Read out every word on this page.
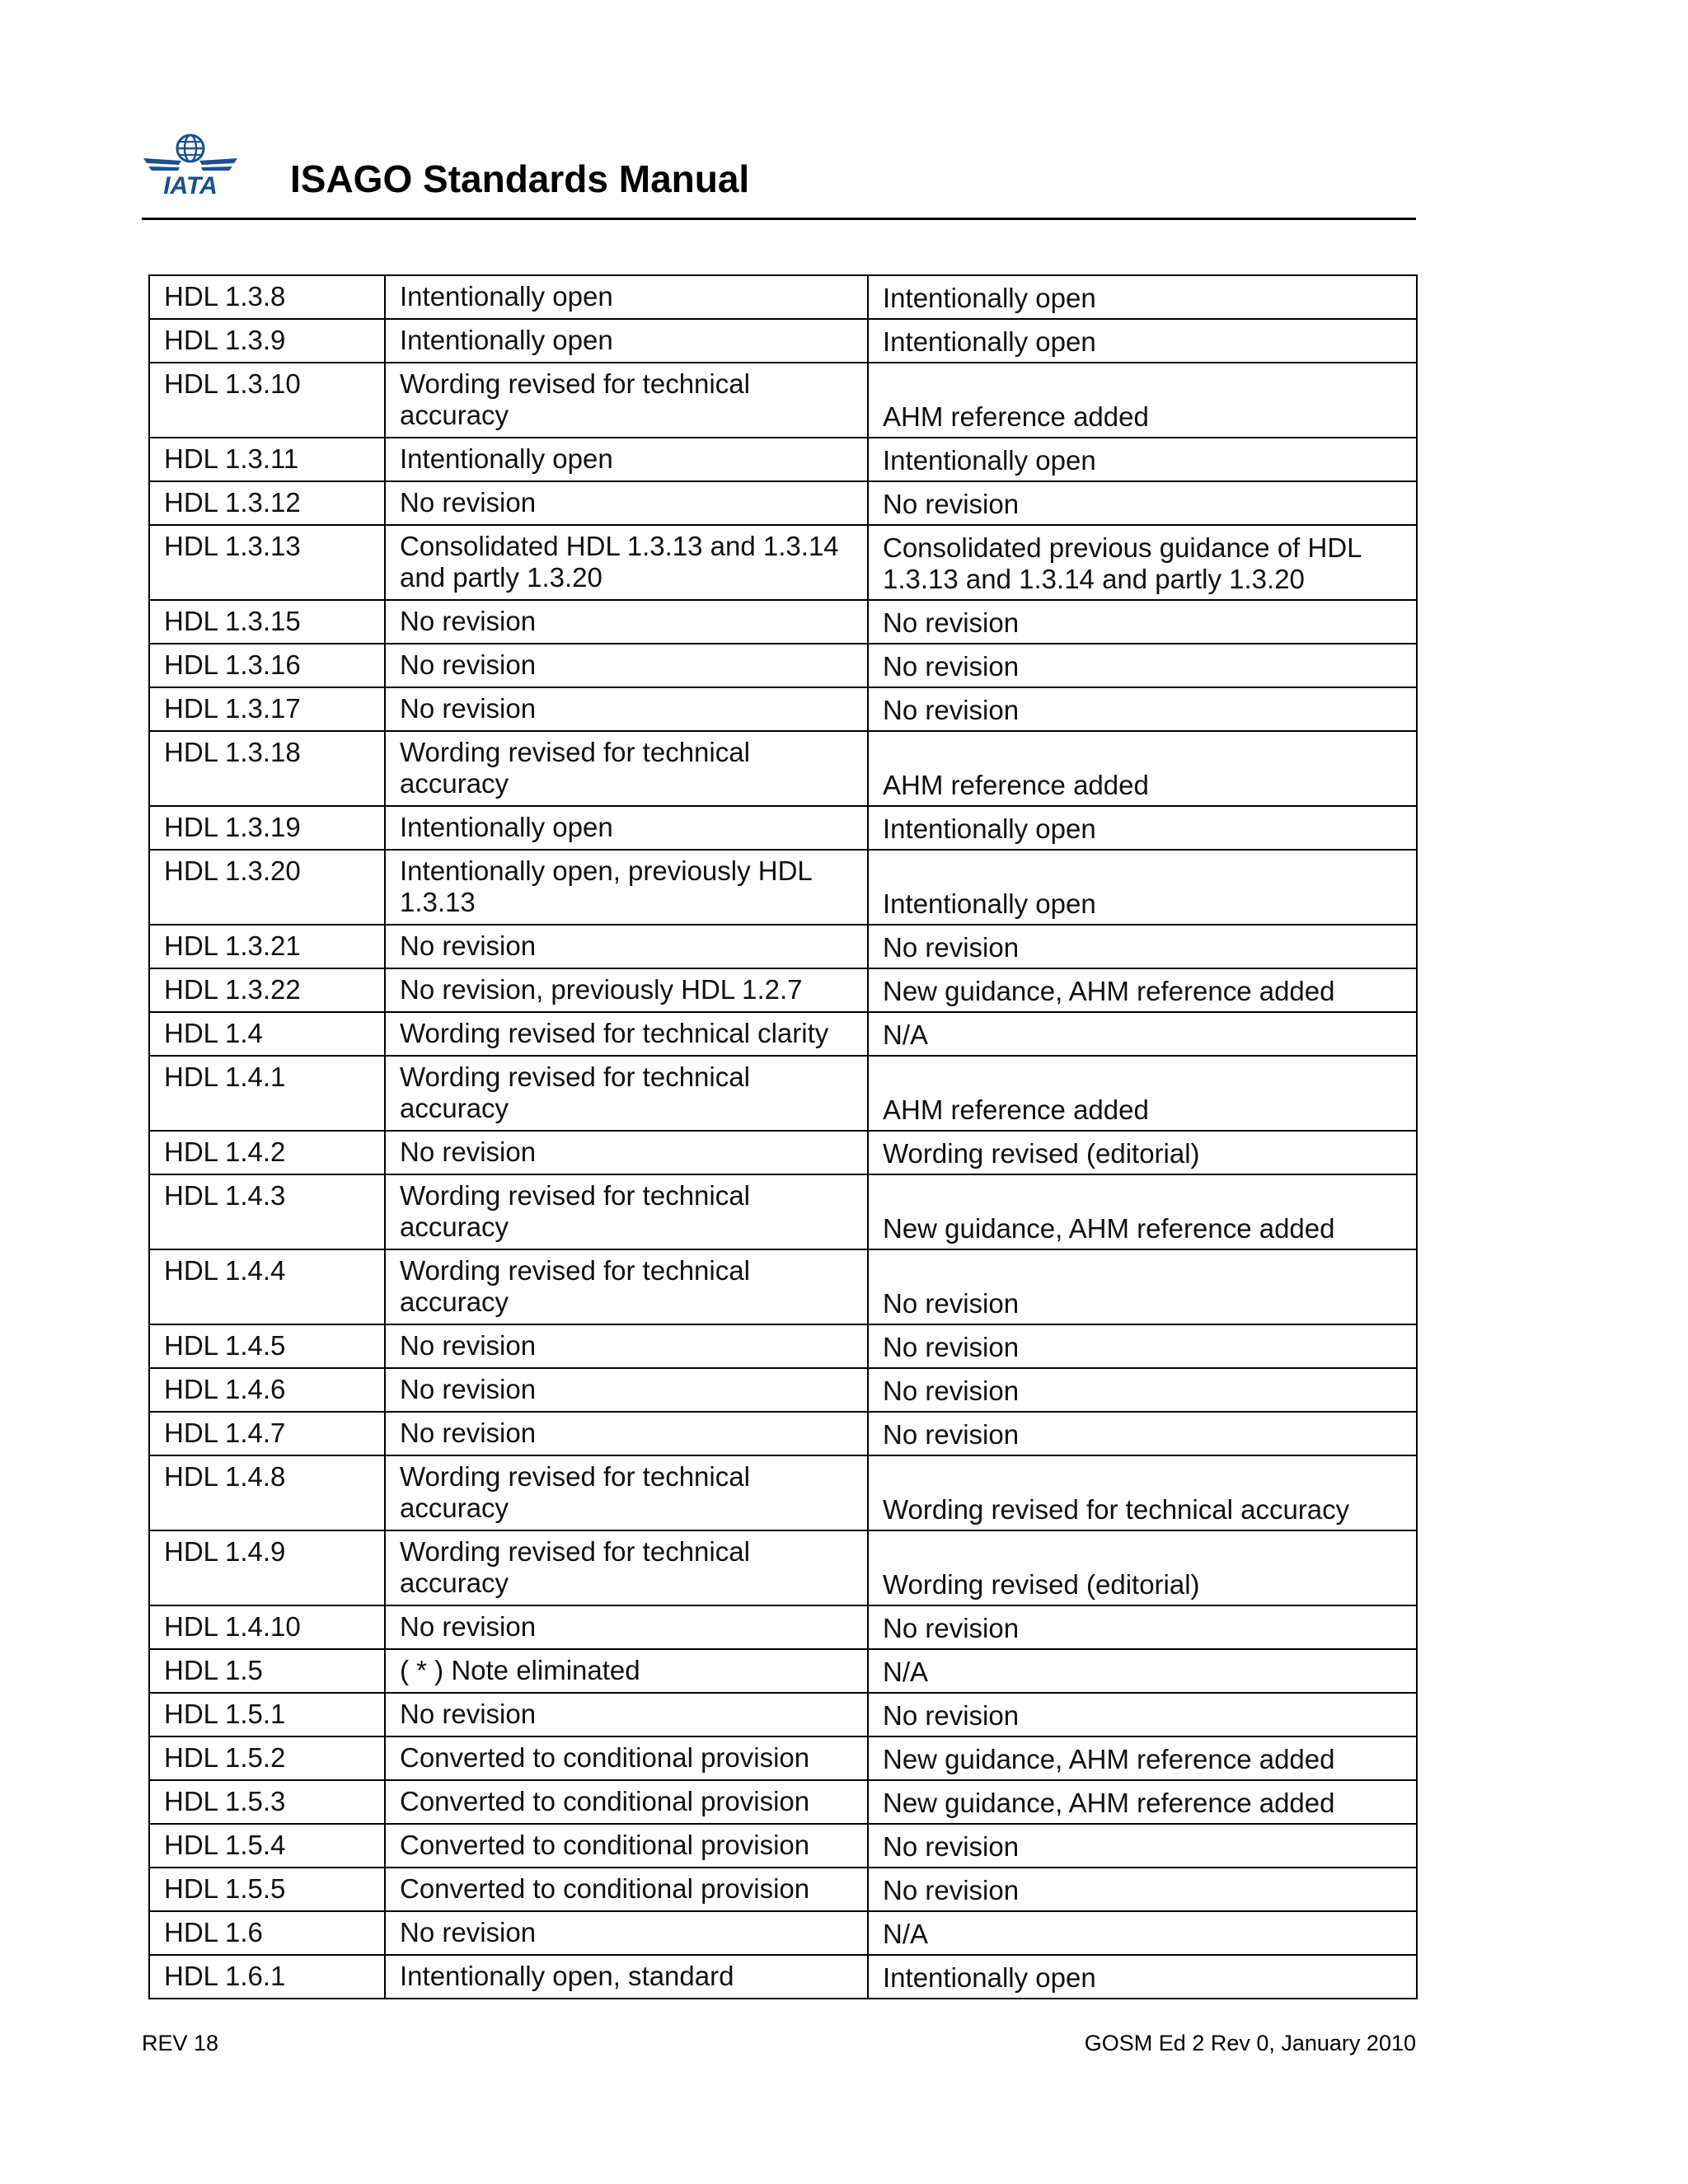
IATA ISAGO Standards Manual
HDL 1.3.8	Intentionally open	Intentionally open
HDL 1.3.9	Intentionally open	Intentionally open
HDL 1.3.10	Wording revised for technical accuracy	AHM reference added
HDL 1.3.11	Intentionally open	Intentionally open
HDL 1.3.12	No revision	No revision
HDL 1.3.13	Consolidated HDL 1.3.13 and 1.3.14 and partly 1.3.20	Consolidated previous guidance of HDL 1.3.13 and 1.3.14 and partly 1.3.20
HDL 1.3.15	No revision	No revision
HDL 1.3.16	No revision	No revision
HDL 1.3.17	No revision	No revision
HDL 1.3.18	Wording revised for technical accuracy	AHM reference added
HDL 1.3.19	Intentionally open	Intentionally open
HDL 1.3.20	Intentionally open, previously HDL 1.3.13	Intentionally open
HDL 1.3.21	No revision	No revision
HDL 1.3.22	No revision, previously HDL 1.2.7	New guidance, AHM reference added
HDL 1.4	Wording revised for technical clarity	N/A
HDL 1.4.1	Wording revised for technical accuracy	AHM reference added
HDL 1.4.2	No revision	Wording revised (editorial)
HDL 1.4.3	Wording revised for technical accuracy	New guidance, AHM reference added
HDL 1.4.4	Wording revised for technical accuracy	No revision
HDL 1.4.5	No revision	No revision
HDL 1.4.6	No revision	No revision
HDL 1.4.7	No revision	No revision
HDL 1.4.8	Wording revised for technical accuracy	Wording revised for technical accuracy
HDL 1.4.9	Wording revised for technical accuracy	Wording revised (editorial)
HDL 1.4.10	No revision	No revision
HDL 1.5	( * ) Note eliminated	N/A
HDL 1.5.1	No revision	No revision
HDL 1.5.2	Converted to conditional provision	New guidance, AHM reference added
HDL 1.5.3	Converted to conditional provision	New guidance, AHM reference added
HDL 1.5.4	Converted to conditional provision	No revision
HDL 1.5.5	Converted to conditional provision	No revision
HDL 1.6	No revision	N/A
HDL 1.6.1	Intentionally open, standard	Intentionally open
REV 18	GOSM Ed 2 Rev 0, January 2010
